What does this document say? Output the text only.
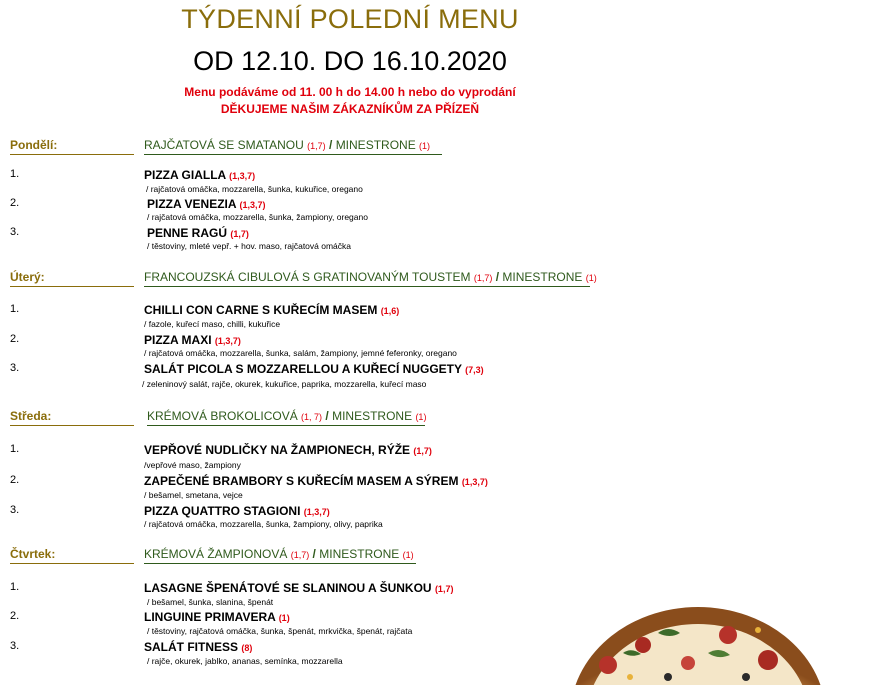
TÝDENNÍ POLEDNÍ MENU
OD 12.10. DO 16.10.2020
Menu podáváme od 11. 00 h do 14.00 h nebo do vyprodání
DĚKUJEME NAŠIM ZÁKAZNÍKŮM ZA PŘÍZEŇ
Pondělí:	RAJČATOVÁ SE SMATANOU (1,7) / MINESTRONE (1)
1.	PIZZA GIALLA (1,3,7)
/ rajčatová omáčka, mozzarella, šunka, kukuřice, oregano
2.	PIZZA VENEZIA (1,3,7)
/ rajčatová omáčka, mozzarella, šunka, žampiony, oregano
3.	PENNE RAGÚ (1,7)
/ těstoviny, mleté vepř. + hov. maso, rajčatová omáčka
Úterý:	FRANCOUZSKÁ CIBULOVÁ S GRATINOVANÝM TOUSTEM (1,7) / MINESTRONE (1)
1.	CHILLI CON CARNE S KUŘECÍM MASEM (1,6)
/ fazole, kuřecí maso, chilli, kukuřice
2.	PIZZA MAXI (1,3,7)
/ rajčatová omáčka, mozzarella, šunka, salám, žampiony, jemné feferonky, oregano
3.	SALÁT PICOLA S MOZZARELLOU A KUŘECÍ NUGGETY (7,3)
/ zeleninový salát, rajče, okurek, kukuřice, paprika, mozzarella, kuřecí maso
Středa:	KRÉMOVÁ BROKOLICOVÁ (1, 7) / MINESTRONE (1)
1.	VEPŘOVÉ NUDLIČKY NA ŽAMPIONECH, RÝŽE (1,7)
/vepřové maso, žampiony
2.	ZAPEČENÉ BRAMBORY S KUŘECÍM MASEM A SÝREM (1,3,7)
/ bešamel, smetana, vejce
3.	PIZZA QUATTRO STAGIONI (1,3,7)
/ rajčatová omáčka, mozzarella, šunka, žampiony, olivy, paprika
Čtvrtek:	KRÉMOVÁ ŽAMPIONOVÁ (1,7) / MINESTRONE (1)
1.	LASAGNE ŠPENÁTOVÉ SE SLANINOU A ŠUNKOU (1,7)
/ bešamel, šunka, slanina, špenát
2.	LINGUINE PRIMAVERA (1)
/ těstoviny, rajčatová omáčka, šunka, špenát, mrkvička, špenát, rajčata
3.	SALÁT FITNESS (8)
/ rajče, okurek, jablko, ananas, semínka, mozzarella
